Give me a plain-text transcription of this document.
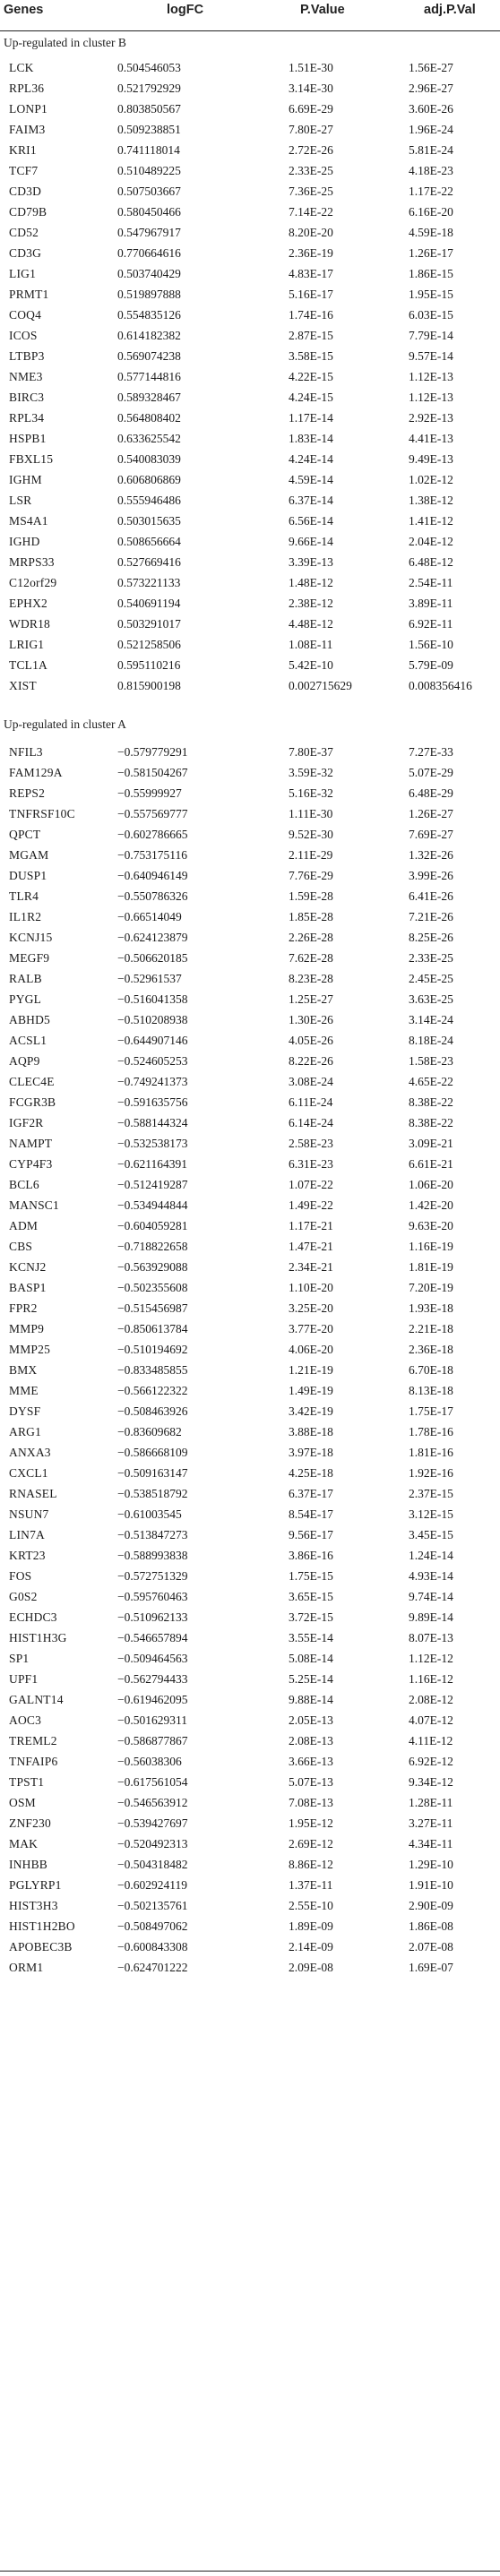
Genes	logFC	P.Value	adj.P.Val
Up-regulated in cluster B
LCK	0.504546053	1.51E-30	1.56E-27
RPL36	0.521792929	3.14E-30	2.96E-27
LONP1	0.803850567	6.69E-29	3.60E-26
FAIM3	0.509238851	7.80E-27	1.96E-24
KRI1	0.741118014	2.72E-26	5.81E-24
TCF7	0.510489225	2.33E-25	4.18E-23
CD3D	0.507503667	7.36E-25	1.17E-22
CD79B	0.580450466	7.14E-22	6.16E-20
CD52	0.547967917	8.20E-20	4.59E-18
CD3G	0.770664616	2.36E-19	1.26E-17
LIG1	0.503740429	4.83E-17	1.86E-15
PRMT1	0.519897888	5.16E-17	1.95E-15
COQ4	0.554835126	1.74E-16	6.03E-15
ICOS	0.614182382	2.87E-15	7.79E-14
LTBP3	0.569074238	3.58E-15	9.57E-14
NME3	0.577144816	4.22E-15	1.12E-13
BIRC3	0.589328467	4.24E-15	1.12E-13
RPL34	0.564808402	1.17E-14	2.92E-13
HSPB1	0.633625542	1.83E-14	4.41E-13
FBXL15	0.540083039	4.24E-14	9.49E-13
IGHM	0.606806869	4.59E-14	1.02E-12
LSR	0.555946486	6.37E-14	1.38E-12
MS4A1	0.503015635	6.56E-14	1.41E-12
IGHD	0.508656664	9.66E-14	2.04E-12
MRPS33	0.527669416	3.39E-13	6.48E-12
C12orf29	0.573221133	1.48E-12	2.54E-11
EPHX2	0.540691194	2.38E-12	3.89E-11
WDR18	0.503291017	4.48E-12	6.92E-11
LRIG1	0.521258506	1.08E-11	1.56E-10
TCL1A	0.595110216	5.42E-10	5.79E-09
XIST	0.815900198	0.002715629	0.008356416
Up-regulated in cluster A
NFIL3	−0.579779291	7.80E-37	7.27E-33
FAM129A	−0.581504267	3.59E-32	5.07E-29
REPS2	−0.55999927	5.16E-32	6.48E-29
TNFRSF10C	−0.557569777	1.11E-30	1.26E-27
QPCT	−0.602786665	9.52E-30	7.69E-27
MGAM	−0.753175116	2.11E-29	1.32E-26
DUSP1	−0.640946149	7.76E-29	3.99E-26
TLR4	−0.550786326	1.59E-28	6.41E-26
IL1R2	−0.66514049	1.85E-28	7.21E-26
KCNJ15	−0.624123879	2.26E-28	8.25E-26
MEGF9	−0.506620185	7.62E-28	2.33E-25
RALB	−0.52961537	8.23E-28	2.45E-25
PYGL	−0.516041358	1.25E-27	3.63E-25
ABHD5	−0.510208938	1.30E-26	3.14E-24
ACSL1	−0.644907146	4.05E-26	8.18E-24
AQP9	−0.524605253	8.22E-26	1.58E-23
CLEC4E	−0.749241373	3.08E-24	4.65E-22
FCGR3B	−0.591635756	6.11E-24	8.38E-22
IGF2R	−0.588144324	6.14E-24	8.38E-22
NAMPT	−0.532538173	2.58E-23	3.09E-21
CYP4F3	−0.621164391	6.31E-23	6.61E-21
BCL6	−0.512419287	1.07E-22	1.06E-20
MANSC1	−0.534944844	1.49E-22	1.42E-20
ADM	−0.604059281	1.17E-21	9.63E-20
CBS	−0.718822658	1.47E-21	1.16E-19
KCNJ2	−0.563929088	2.34E-21	1.81E-19
BASP1	−0.502355608	1.10E-20	7.20E-19
FPR2	−0.515456987	3.25E-20	1.93E-18
MMP9	−0.850613784	3.77E-20	2.21E-18
MMP25	−0.510194692	4.06E-20	2.36E-18
BMX	−0.833485855	1.21E-19	6.70E-18
MME	−0.566122322	1.49E-19	8.13E-18
DYSF	−0.508463926	3.42E-19	1.75E-17
ARG1	−0.83609682	3.88E-18	1.78E-16
ANXA3	−0.586668109	3.97E-18	1.81E-16
CXCL1	−0.509163147	4.25E-18	1.92E-16
RNASEL	−0.538518792	6.37E-17	2.37E-15
NSUN7	−0.61003545	8.54E-17	3.12E-15
LIN7A	−0.513847273	9.56E-17	3.45E-15
KRT23	−0.588993838	3.86E-16	1.24E-14
FOS	−0.572751329	1.75E-15	4.93E-14
G0S2	−0.595760463	3.65E-15	9.74E-14
ECHDC3	−0.510962133	3.72E-15	9.89E-14
HIST1H3G	−0.546657894	3.55E-14	8.07E-13
SP1	−0.509464563	5.08E-14	1.12E-12
UPF1	−0.562794433	5.25E-14	1.16E-12
GALNT14	−0.619462095	9.88E-14	2.08E-12
AOC3	−0.501629311	2.05E-13	4.07E-12
TREML2	−0.586877867	2.08E-13	4.11E-12
TNFAIP6	−0.56038306	3.66E-13	6.92E-12
TPST1	−0.617561054	5.07E-13	9.34E-12
OSM	−0.546563912	7.08E-13	1.28E-11
ZNF230	−0.539427697	1.95E-12	3.27E-11
MAK	−0.520492313	2.69E-12	4.34E-11
INHBB	−0.504318482	8.86E-12	1.29E-10
PGLYRP1	−0.602924119	1.37E-11	1.91E-10
HIST3H3	−0.502135761	2.55E-10	2.90E-09
HIST1H2BO	−0.508497062	1.89E-09	1.86E-08
APOBEC3B	−0.600843308	2.14E-09	2.07E-08
ORM1	−0.624701222	2.09E-08	1.69E-07
